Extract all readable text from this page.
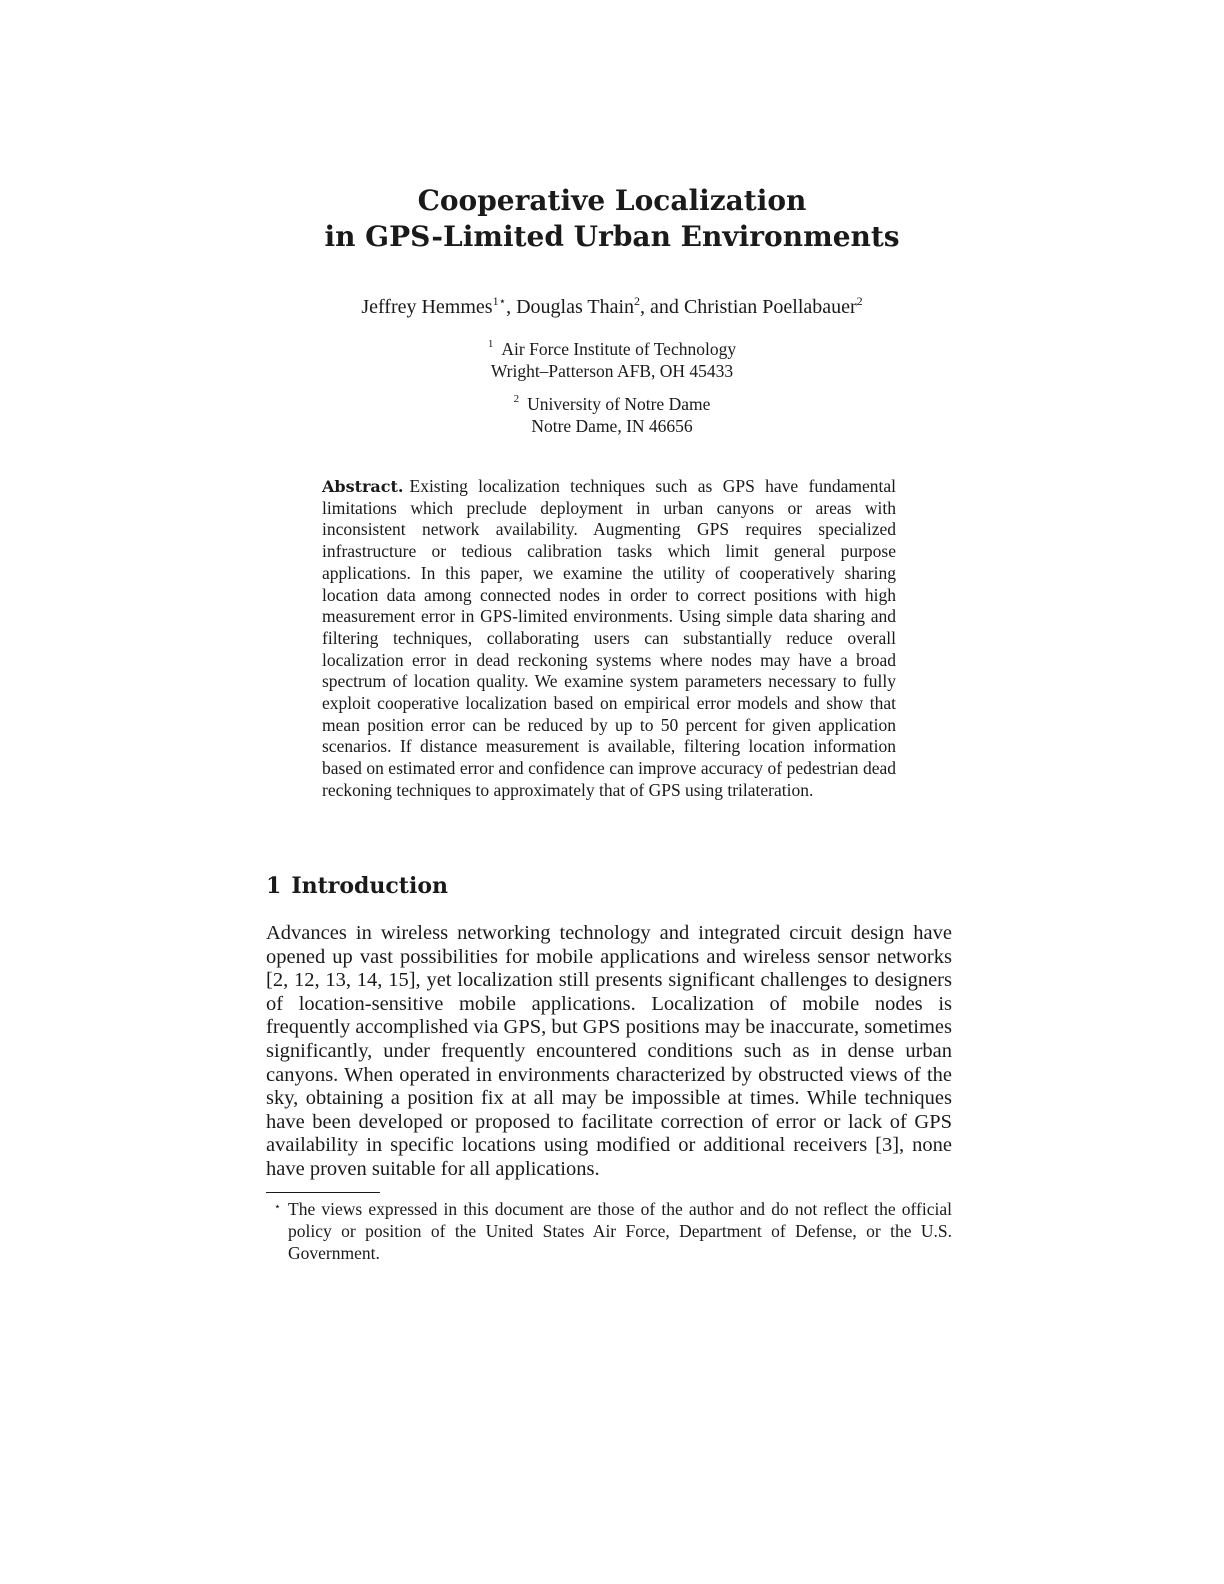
Cooperative Localization
in GPS-Limited Urban Environments
Jeffrey Hemmes$^{1⋆}$, Douglas Thain$^2$, and Christian Poellabauer$^2$
$^1$ Air Force Institute of Technology
Wright–Patterson AFB, OH 45433
$^2$ University of Notre Dame
Notre Dame, IN 46656
Abstract. Existing localization techniques such as GPS have fundamental limitations which preclude deployment in urban canyons or areas with inconsistent network availability. Augmenting GPS requires specialized infrastructure or tedious calibration tasks which limit general purpose applications. In this paper, we examine the utility of cooperatively sharing location data among connected nodes in order to correct positions with high measurement error in GPS-limited environments. Using simple data sharing and filtering techniques, collaborating users can substantially reduce overall localization error in dead reckoning systems where nodes may have a broad spectrum of location quality. We examine system parameters necessary to fully exploit cooperative localization based on empirical error models and show that mean position error can be reduced by up to 50 percent for given application scenarios. If distance measurement is available, filtering location information based on estimated error and confidence can improve accuracy of pedestrian dead reckoning techniques to approximately that of GPS using trilateration.
1 Introduction
Advances in wireless networking technology and integrated circuit design have opened up vast possibilities for mobile applications and wireless sensor networks [2, 12, 13, 14, 15], yet localization still presents significant challenges to designers of location-sensitive mobile applications. Localization of mobile nodes is frequently accomplished via GPS, but GPS positions may be inaccurate, sometimes significantly, under frequently encountered conditions such as in dense urban canyons. When operated in environments characterized by obstructed views of the sky, obtaining a position fix at all may be impossible at times. While techniques have been developed or proposed to facilitate correction of error or lack of GPS availability in specific locations using modified or additional receivers [3], none have proven suitable for all applications.
⋆ The views expressed in this document are those of the author and do not reflect the official policy or position of the United States Air Force, Department of Defense, or the U.S. Government.
